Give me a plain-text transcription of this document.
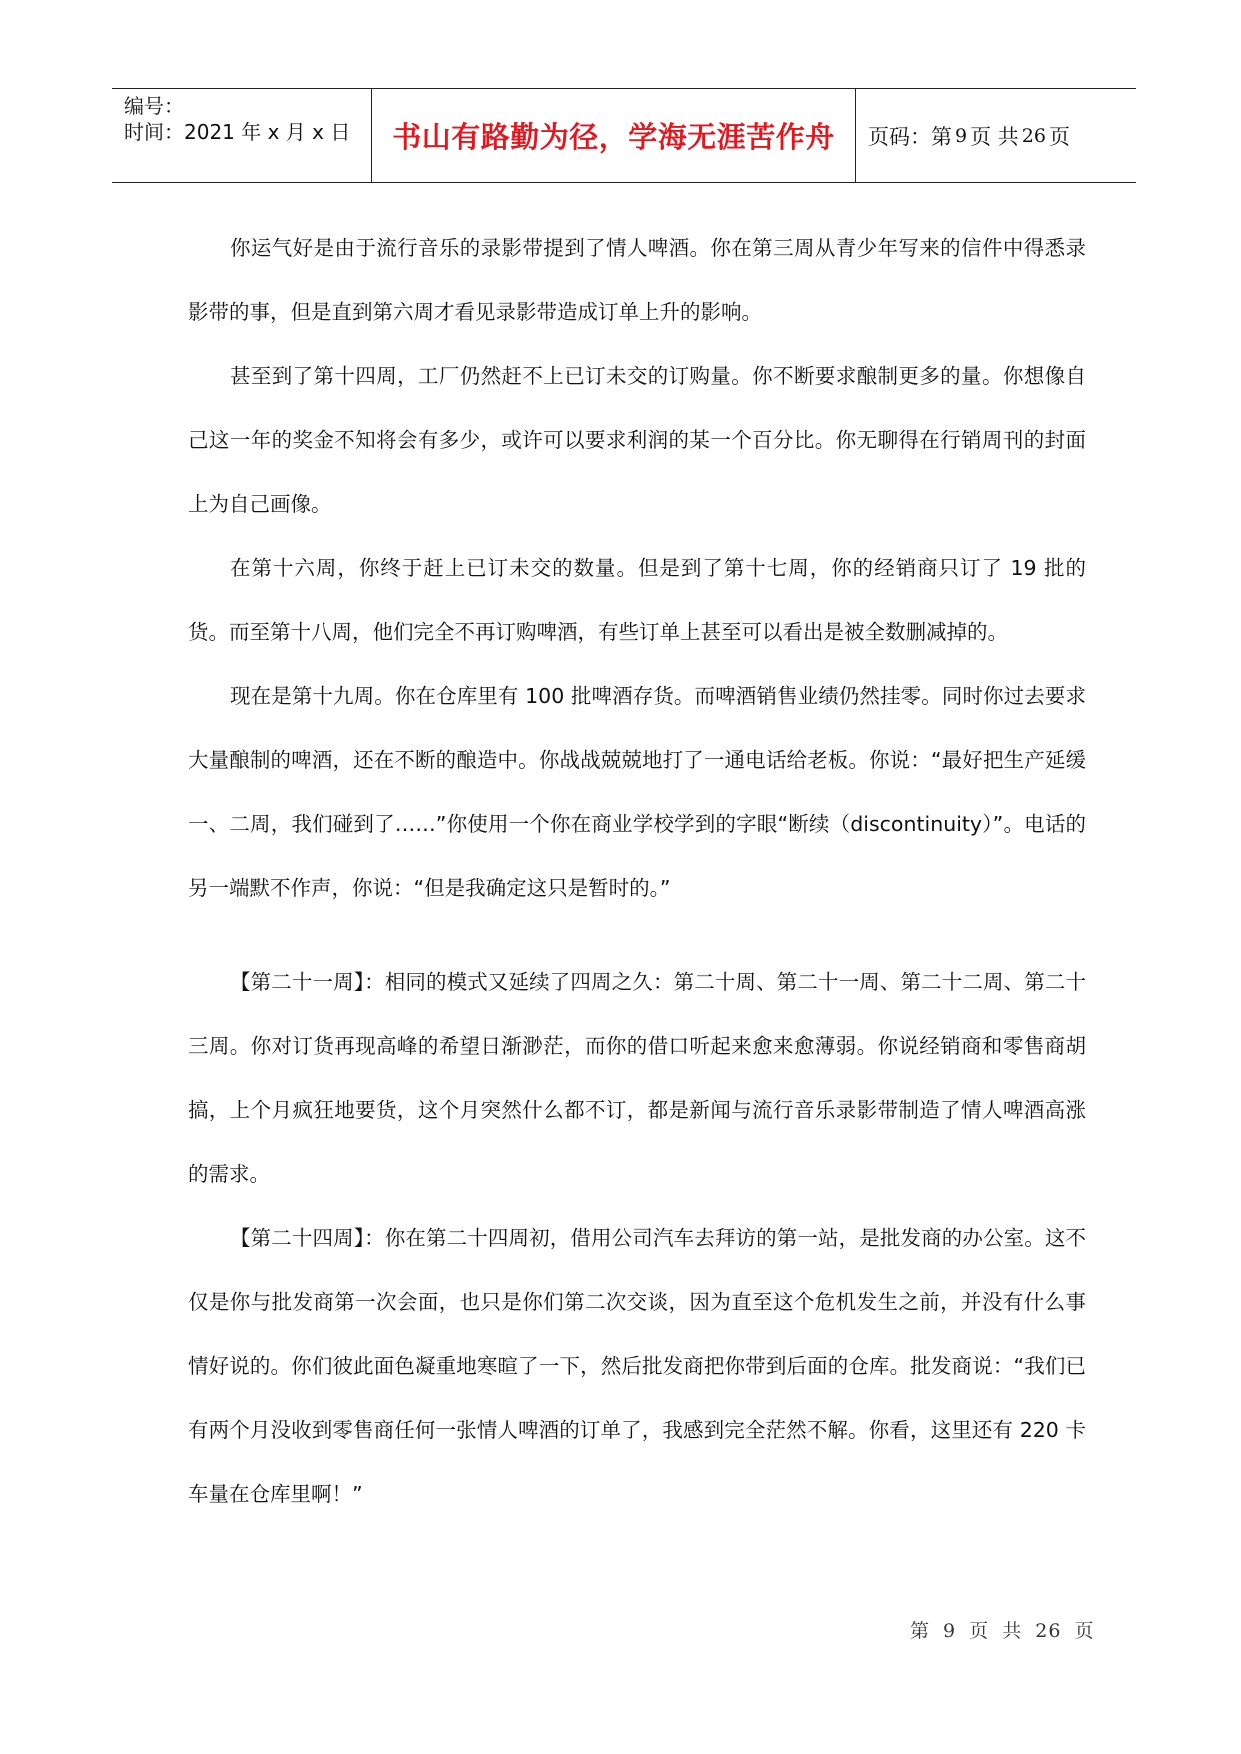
编号：
时间：2021 年 x 月 x 日	书山有路勤为径，学海无涯苦作舟 页码：第 9 页 共 26 页

你运气好是由于流行音乐的录影带提到了情人啤酒。你在第三周从青少年写来的信件中得悉录影带的事，但是直到第六周才看见录影带造成订单上升的影响。

甚至到了第十四周，工厂仍然赶不上已订未交的订购量。你不断要求酿制更多的量。你想像自己这一年的奖金不知将会有多少，或许可以要求利润的某一个百分比。你无聊得在行销周刊的封面上为自己画像。

在第十六周，你终于赶上已订未交的数量。但是到了第十七周，你的经销商只订了 19 批的货。而至第十八周，他们完全不再订购啤酒，有些订单上甚至可以看出是被全数删减掉的。

现在是第十九周。你在仓库里有 100 批啤酒存货。而啤酒销售业绩仍然挂零。同时你过去要求大量酿制的啤酒，还在不断的酿造中。你战战兢兢地打了一通电话给老板。你说：“最好把生产延缓一、二周，我们碰到了……”你使用一个你在商业学校学到的字眼“断续（discontinuity）”。电话的另一端默不作声，你说：“但是我确定这只是暂时的。”

【第二十一周】：相同的模式又延续了四周之久：第二十周、第二十一周、第二十二周、第二十三周。你对订货再现高峰的希望日渐渺茫，而你的借口听起来愈来愈薄弱。你说经销商和零售商胡搞，上个月疯狂地要货，这个月突然什么都不订，都是新闻与流行音乐录影带制造了情人啤酒高涨的需求。

【第二十四周】：你在第二十四周初，借用公司汽车去拜访的第一站，是批发商的办公室。这不仅是你与批发商第一次会面，也只是你们第二次交谈，因为直至这个危机发生之前，并没有什么事情好说的。你们彼此面色凝重地寒暄了一下，然后批发商把你带到后面的仓库。批发商说：“我们已有两个月没收到零售商任何一张情人啤酒的订单了，我感到完全茫然不解。你看，这里还有 220 卡车量在仓库里啊！”

第 9 页 共 26 页
